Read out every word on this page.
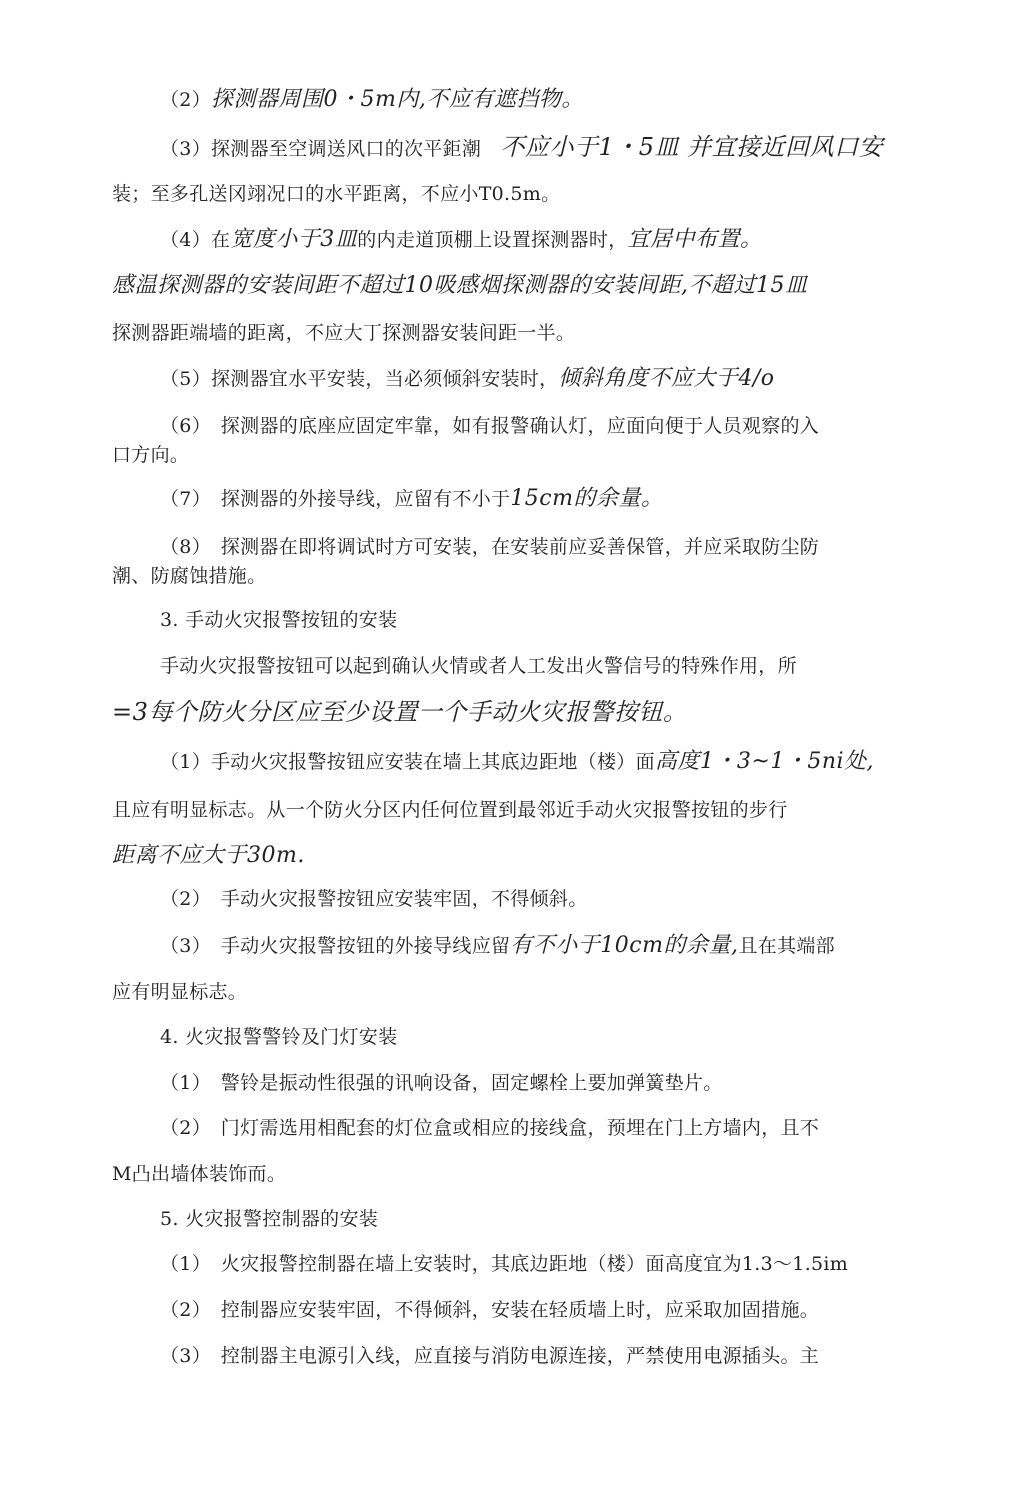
（2）探测器周围0・5m内,不应有遮挡物。
（3）探测器至空调送风口的次平鉅潮　 不应小于1・5皿 并宜接近回风口安
装；至多孔送冈翊况口的水平距离，不应小T0.5m。
（4）在宽度小于3皿的内走道顶棚上设置探测器时，宜居中布置。
感温探测器的安装间距不超过10吸感烟探测器的安装间距,不超过15皿
探测器距端墙的距离，不应大丁探测器安装间距一半。
（5）探测器宜水平安装，当必须倾斜安装时，倾斜角度不应大于4/o
（6）　探测器的底座应固定牢靠，如有报警确认灯，应面向便于人员观察的入
口方向。
（7）　探测器的外接导线，应留有不小于15cm的余量。
（8）　探测器在即将调试时方可安装，在安装前应妥善保管，并应采取防尘防
潮、防腐蚀措施。
3. 手动火灾报警按钮的安装
手动火灾报警按钮可以起到确认火情或者人工发出火警信号的特殊作用，所
=3每个防火分区应至少设置一个手动火灾报警按钮。
（1）手动火灾报警按钮应安装在墙上其底边距地（楼）面高度1・3~1・5ni处,
且应有明显标志。从一个防火分区内任何位置到最邻近手动火灾报警按钮的步行
距离不应大于30m.
（2）　手动火灾报警按钮应安装牢固，不得倾斜。
（3）　手动火灾报警按钮的外接导线应留有不小于10cm的余量,且在其端部
应有明显标志。
4. 火灾报警警铃及门灯安装
（1）　警铃是振动性很强的讯响设备，固定螺栓上要加弹簧垫片。
（2）　门灯需选用相配套的灯位盒或相应的接线盒，预埋在门上方墙内，且不
M凸出墙体装饰而。
5. 火灾报警控制器的安装
（1）　火灾报警控制器在墙上安装时，其底边距地（楼）面高度宜为1.3～1.5im
（2）　控制器应安装牢固，不得倾斜，安装在轻质墙上时，应采取加固措施。
（3）　控制器主电源引入线，应直接与消防电源连接，严禁使用电源插头。主
